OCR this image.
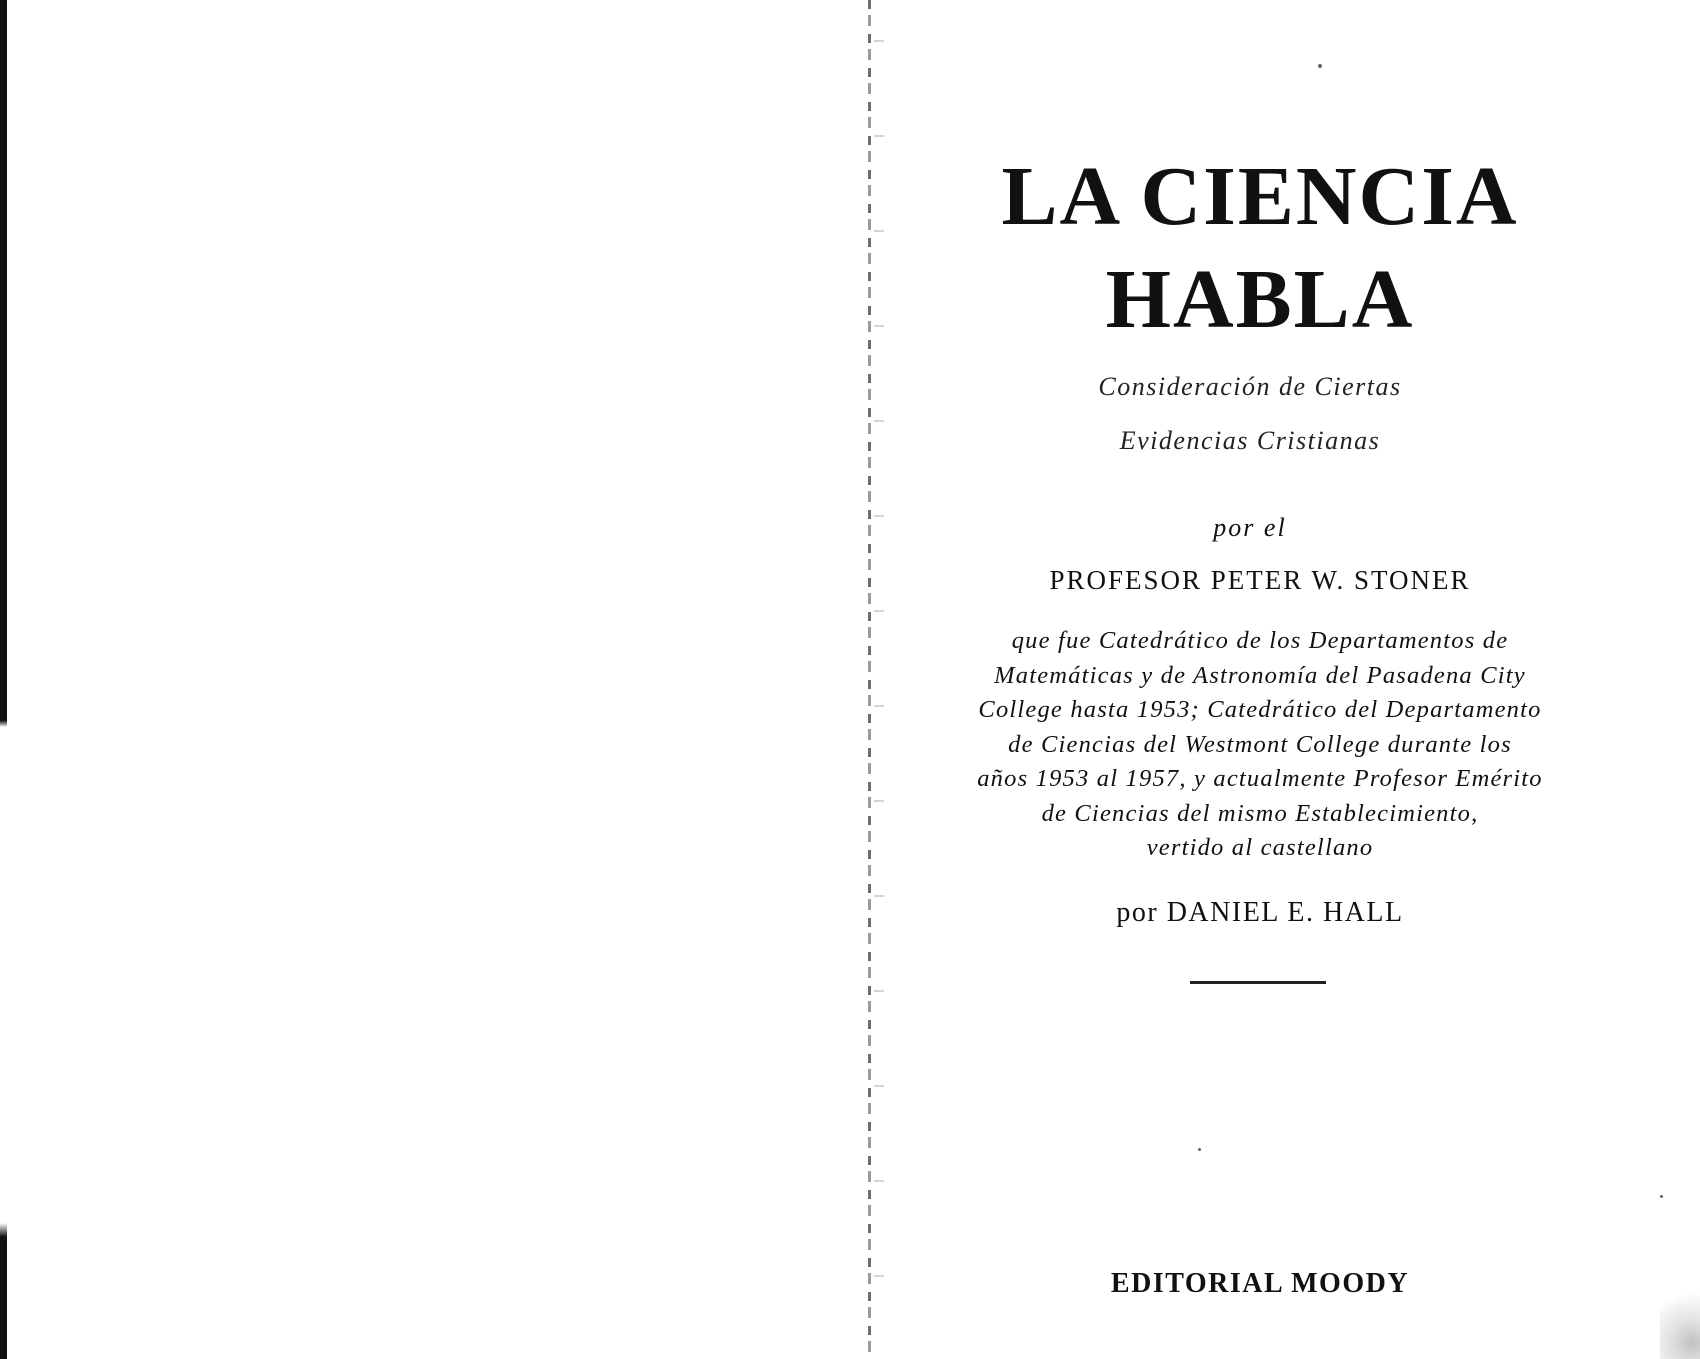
LA CIENCIA
HABLA
Consideración de Ciertas
Evidencias Cristianas
por el
PROFESOR PETER W. STONER
que fue Catedrático de los Departamentos de
Matemáticas y de Astronomía del Pasadena City
College hasta 1953; Catedrático del Departamento
de Ciencias del Westmont College durante los
años 1953 al 1957, y actualmente Profesor Emérito
de Ciencias del mismo Establecimiento,
vertido al castellano
por DANIEL E. HALL
EDITORIAL MOODY
